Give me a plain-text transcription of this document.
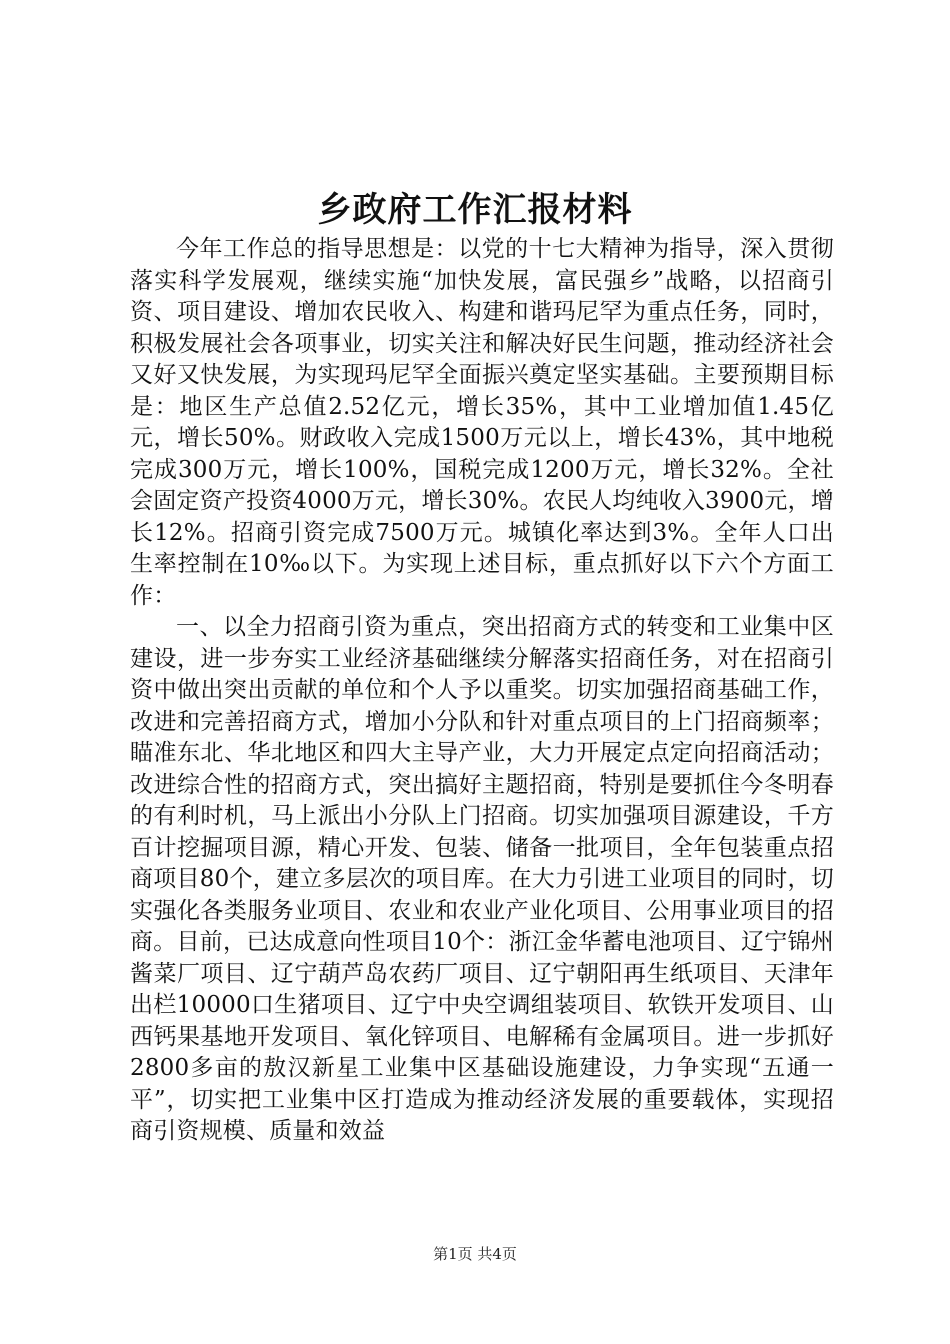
乡政府工作汇报材料

今年工作总的指导思想是：以党的十七大精神为指导，深入贯彻落实科学发展观，继续实施“加快发展，富民强乡”战略，以招商引资、项目建设、增加农民收入、构建和谐玛尼罕为重点任务，同时，积极发展社会各项事业，切实关注和解决好民生问题，推动经济社会又好又快发展，为实现玛尼罕全面振兴奠定坚实基础。主要预期目标是：地区生产总值2.52亿元，增长35%，其中工业增加值1.45亿元，增长50%。财政收入完成1500万元以上，增长43%，其中地税完成300万元，增长100%，国税完成1200万元，增长32%。全社会固定资产投资4000万元，增长30%。农民人均纯收入3900元，增长12%。招商引资完成7500万元。城镇化率达到3%。全年人口出生率控制在10‰以下。为实现上述目标，重点抓好以下六个方面工作：

一、以全力招商引资为重点，突出招商方式的转变和工业集中区建设，进一步夯实工业经济基础继续分解落实招商任务，对在招商引资中做出突出贡献的单位和个人予以重奖。切实加强招商基础工作，改进和完善招商方式，增加小分队和针对重点项目的上门招商频率；瞄准东北、华北地区和四大主导产业，大力开展定点定向招商活动；改进综合性的招商方式，突出搞好主题招商，特别是要抓住今冬明春的有利时机，马上派出小分队上门招商。切实加强项目源建设，千方百计挖掘项目源，精心开发、包装、储备一批项目，全年包装重点招商项目80个，建立多层次的项目库。在大力引进工业项目的同时，切实强化各类服务业项目、农业和农业产业化项目、公用事业项目的招商。目前，已达成意向性项目10个：浙江金华蓄电池项目、辽宁锦州酱菜厂项目、辽宁葫芦岛农药厂项目、辽宁朝阳再生纸项目、天津年出栏10000口生猪项目、辽宁中央空调组装项目、软铁开发项目、山西钙果基地开发项目、氧化锌项目、电解稀有金属项目。进一步抓好2800多亩的敖汉新星工业集中区基础设施建设，力争实现“五通一平”，切实把工业集中区打造成为推动经济发展的重要载体，实现招商引资规模、质量和效益

第1页 共4页
